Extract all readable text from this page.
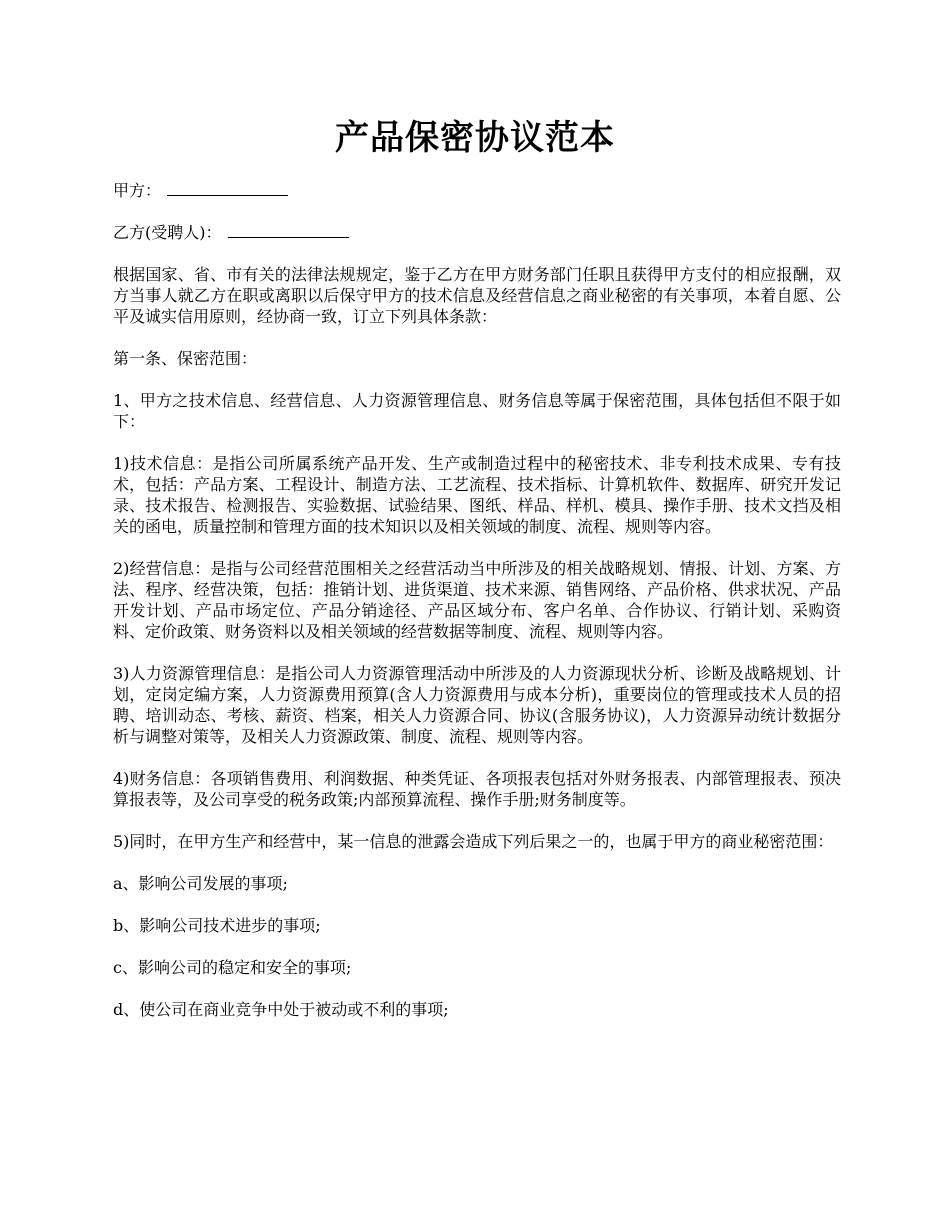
产品保密协议范本
甲方：
乙方(受聘人)：

根据国家、省、市有关的法律法规规定，鉴于乙方在甲方财务部门任职且获得甲方支付的相应报酬，双方当事人就乙方在职或离职以后保守甲方的技术信息及经营信息之商业秘密的有关事项，本着自愿、公平及诚实信用原则，经协商一致，订立下列具体条款：

第一条、保密范围：

1、甲方之技术信息、经营信息、人力资源管理信息、财务信息等属于保密范围，具体包括但不限于如下：

1)技术信息：是指公司所属系统产品开发、生产或制造过程中的秘密技术、非专利技术成果、专有技术，包括：产品方案、工程设计、制造方法、工艺流程、技术指标、计算机软件、数据库、研究开发记录、技术报告、检测报告、实验数据、试验结果、图纸、样品、样机、模具、操作手册、技术文挡及相关的函电，质量控制和管理方面的技术知识以及相关领域的制度、流程、规则等内容。

2)经营信息：是指与公司经营范围相关之经营活动当中所涉及的相关战略规划、情报、计划、方案、方法、程序、经营决策，包括：推销计划、进货渠道、技术来源、销售网络、产品价格、供求状况、产品开发计划、产品市场定位、产品分销途径、产品区域分布、客户名单、合作协议、行销计划、采购资料、定价政策、财务资料以及相关领域的经营数据等制度、流程、规则等内容。

3)人力资源管理信息：是指公司人力资源管理活动中所涉及的人力资源现状分析、诊断及战略规划、计划，定岗定编方案，人力资源费用预算(含人力资源费用与成本分析)，重要岗位的管理或技术人员的招聘、培训动态、考核、薪资、档案，相关人力资源合同、协议(含服务协议)，人力资源异动统计数据分析与调整对策等，及相关人力资源政策、制度、流程、规则等内容。

4)财务信息：各项销售费用、利润数据、种类凭证、各项报表包括对外财务报表、内部管理报表、预决算报表等，及公司享受的税务政策;内部预算流程、操作手册;财务制度等。

5)同时，在甲方生产和经营中，某一信息的泄露会造成下列后果之一的，也属于甲方的商业秘密范围：

a、影响公司发展的事项;

b、影响公司技术进步的事项;

c、影响公司的稳定和安全的事项;

d、使公司在商业竞争中处于被动或不利的事项;
